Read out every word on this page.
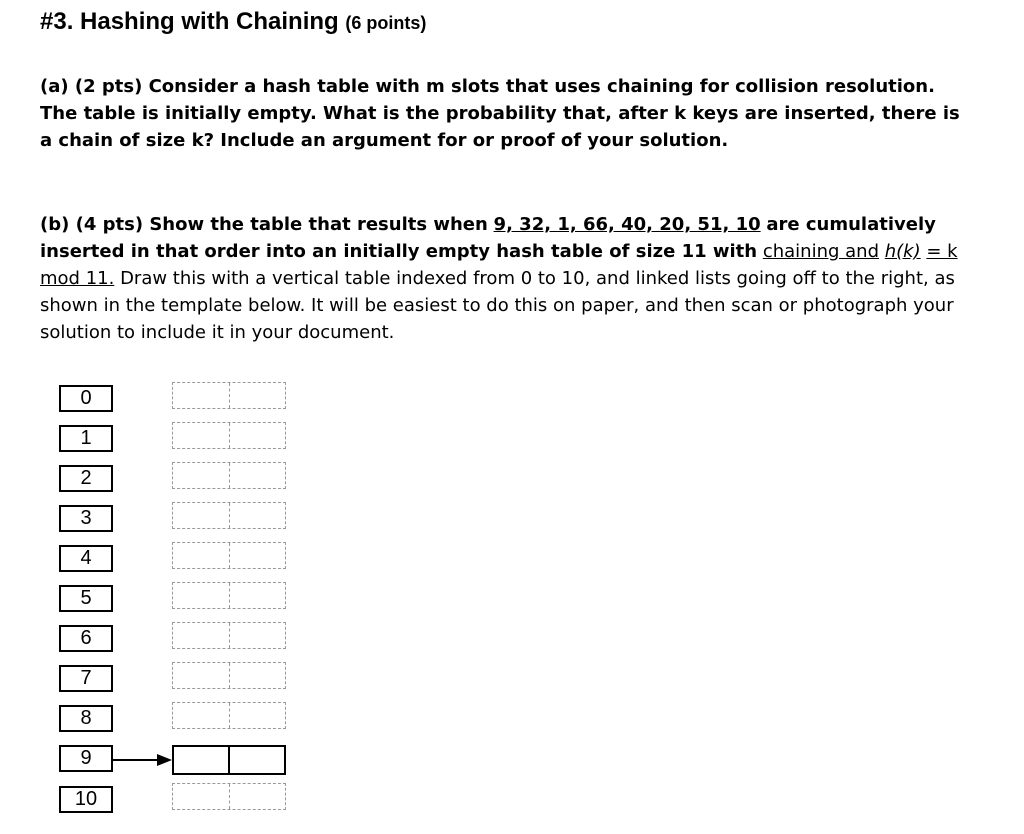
#3. Hashing with Chaining (6 points)

(a) (2 pts) Consider a hash table with m slots that uses chaining for collision resolution. The table is initially empty. What is the probability that, after k keys are inserted, there is a chain of size k? Include an argument for or proof of your solution.

(b) (4 pts) Show the table that results when 9, 32, 1, 66, 40, 20, 51, 10 are cumulatively inserted in that order into an initially empty hash table of size 11 with chaining and h(k) = k mod 11. Draw this with a vertical table indexed from 0 to 10, and linked lists going off to the right, as shown in the template below. It will be easiest to do this on paper, and then scan or photograph your solution to include it in your document.

0
1
2
3
4
5
6
7
8
9
10
